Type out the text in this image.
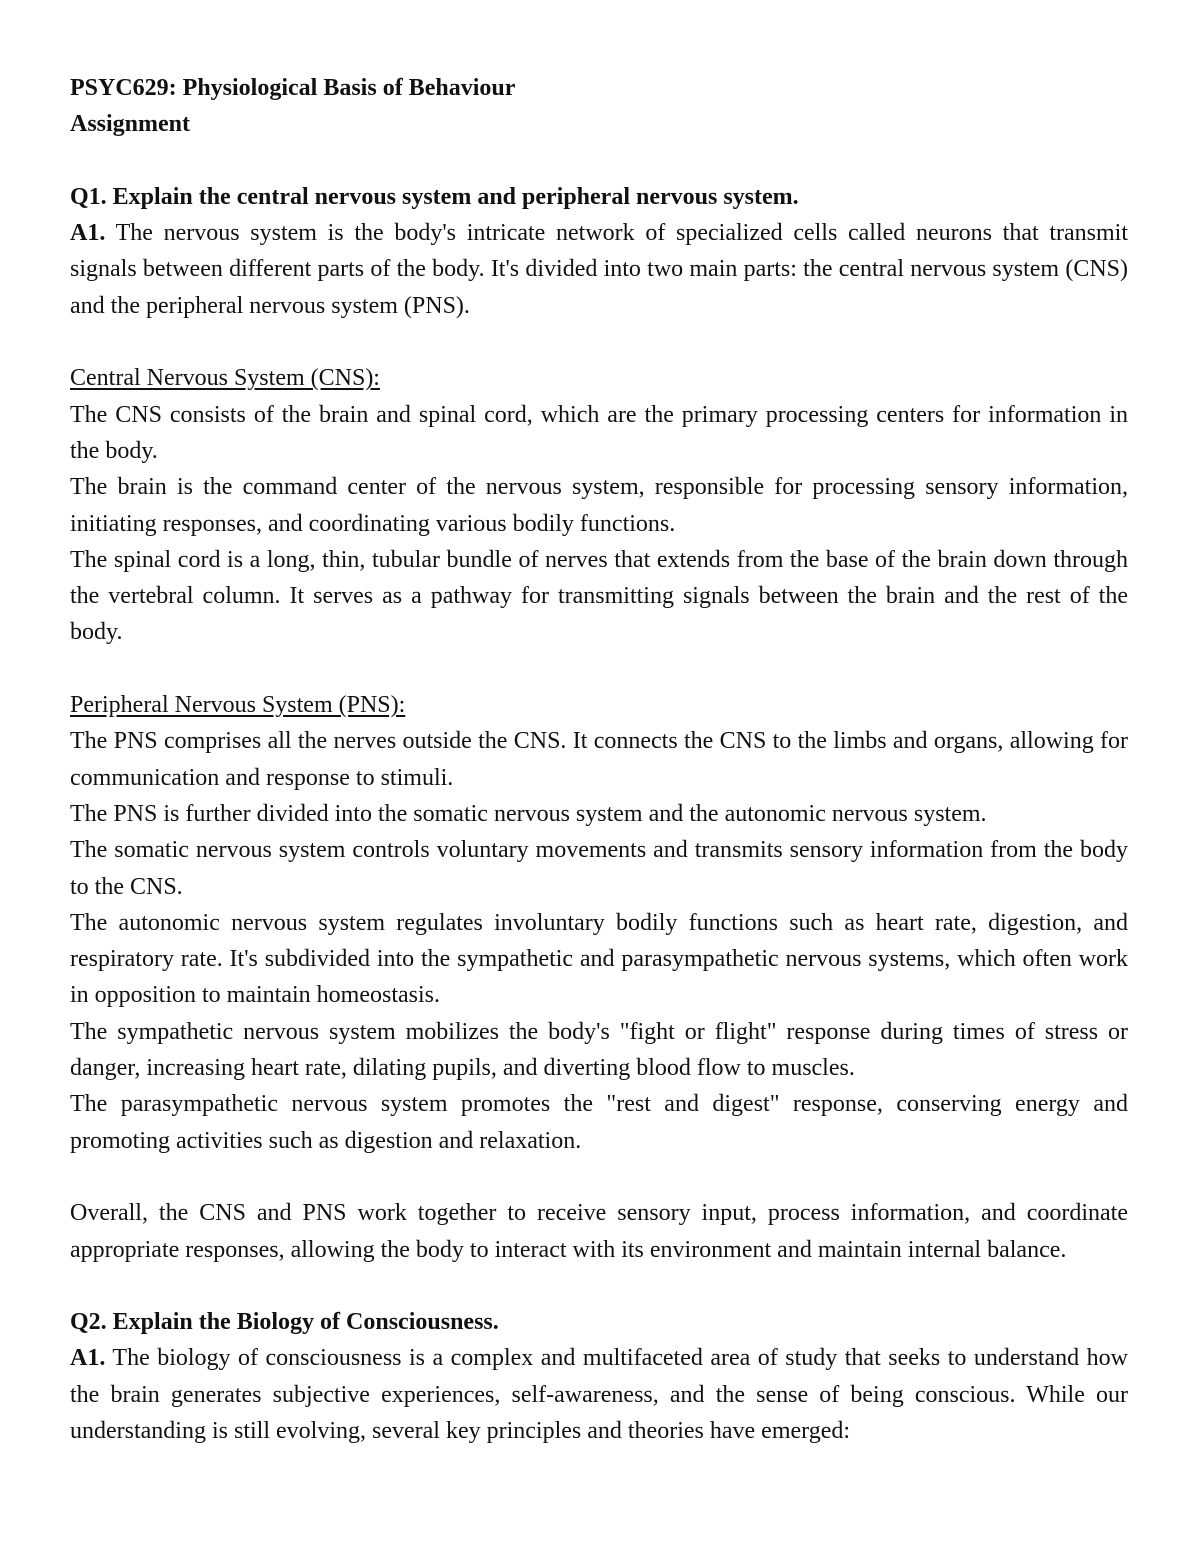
PSYC629: Physiological Basis of Behaviour

Assignment

Q1. Explain the central nervous system and peripheral nervous system.

A1. The nervous system is the body's intricate network of specialized cells called neurons that transmit signals between different parts of the body. It's divided into two main parts: the central nervous system (CNS) and the peripheral nervous system (PNS).

Central Nervous System (CNS):

The CNS consists of the brain and spinal cord, which are the primary processing centers for information in the body.

The brain is the command center of the nervous system, responsible for processing sensory information, initiating responses, and coordinating various bodily functions.

The spinal cord is a long, thin, tubular bundle of nerves that extends from the base of the brain down through the vertebral column. It serves as a pathway for transmitting signals between the brain and the rest of the body.

Peripheral Nervous System (PNS):

The PNS comprises all the nerves outside the CNS. It connects the CNS to the limbs and organs, allowing for communication and response to stimuli.

The PNS is further divided into the somatic nervous system and the autonomic nervous system.

The somatic nervous system controls voluntary movements and transmits sensory information from the body to the CNS.

The autonomic nervous system regulates involuntary bodily functions such as heart rate, digestion, and respiratory rate. It's subdivided into the sympathetic and parasympathetic nervous systems, which often work in opposition to maintain homeostasis.

The sympathetic nervous system mobilizes the body's "fight or flight" response during times of stress or danger, increasing heart rate, dilating pupils, and diverting blood flow to muscles.

The parasympathetic nervous system promotes the "rest and digest" response, conserving energy and promoting activities such as digestion and relaxation.

Overall, the CNS and PNS work together to receive sensory input, process information, and coordinate appropriate responses, allowing the body to interact with its environment and maintain internal balance.

Q2. Explain the Biology of Consciousness.

A1. The biology of consciousness is a complex and multifaceted area of study that seeks to understand how the brain generates subjective experiences, self-awareness, and the sense of being conscious. While our understanding is still evolving, several key principles and theories have emerged:
